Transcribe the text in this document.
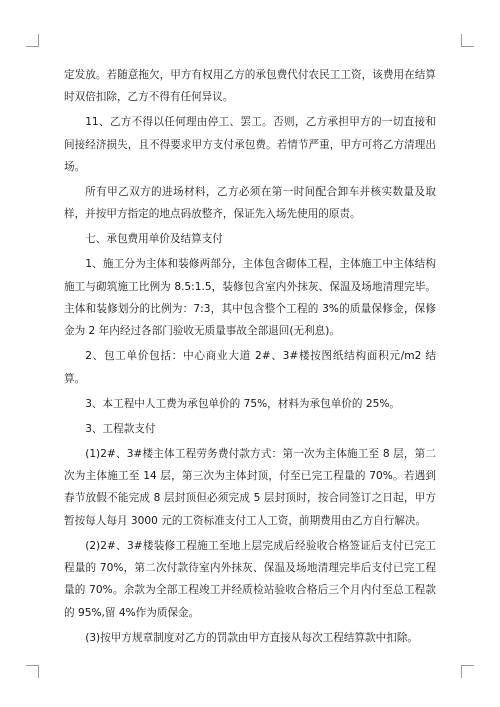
定发放。若随意拖欠，甲方有权用乙方的承包费代付农民工工资，该费用在结算时双倍扣除，乙方不得有任何异议。

11、乙方不得以任何理由停工、罢工。否则，乙方承担甲方的一切直接和间接经济损失，且不得要求甲方支付承包费。若情节严重，甲方可将乙方清理出场。

所有甲乙双方的进场材料，乙方必须在第一时间配合卸车并核实数量及取样，并按甲方指定的地点码放整齐，保证先入场先使用的原责。

七、承包费用单价及结算支付

1、施工分为主体和装修两部分，主体包含砌体工程，主体施工中主体结构施工与砌筑施工比例为 8.5:1.5，装修包含室内外抹灰、保温及场地清理完毕。主体和装修划分的比例为：7:3，其中包含整个工程的 3%的质量保修金，保修金为 2 年内经过各部门验收无质量事故全部退回(无利息)。

2、包工单价包括：中心商业大道 2#、3#楼按图纸结构面积元/m2 结算。

3、本工程中人工费为承包单价的 75%，材料为承包单价的 25%。

3、工程款支付

(1)2#、3#楼主体工程劳务费付款方式：第一次为主体施工至 8 层，第二次为主体施工至 14 层，第三次为主体封顶，付至已完工程量的 70%。若遇到春节放假不能完成 8 层封顶但必须完成 5 层封顶时，按合同签订之日起，甲方暂按每人每月 3000 元的工资标准支付工人工资，前期费用由乙方自行解决。

(2)2#、3#楼装修工程施工至地上层完成后经验收合格签证后支付已完工程量的 70%，第二次付款待室内外抹灰、保温及场地清理完毕后支付已完工程量的 70%。余款为全部工程竣工并经质检站验收合格后三个月内付至总工程款的 95%,留 4%作为质保金。

(3)按甲方规章制度对乙方的罚款由甲方直接从每次工程结算款中扣除。
